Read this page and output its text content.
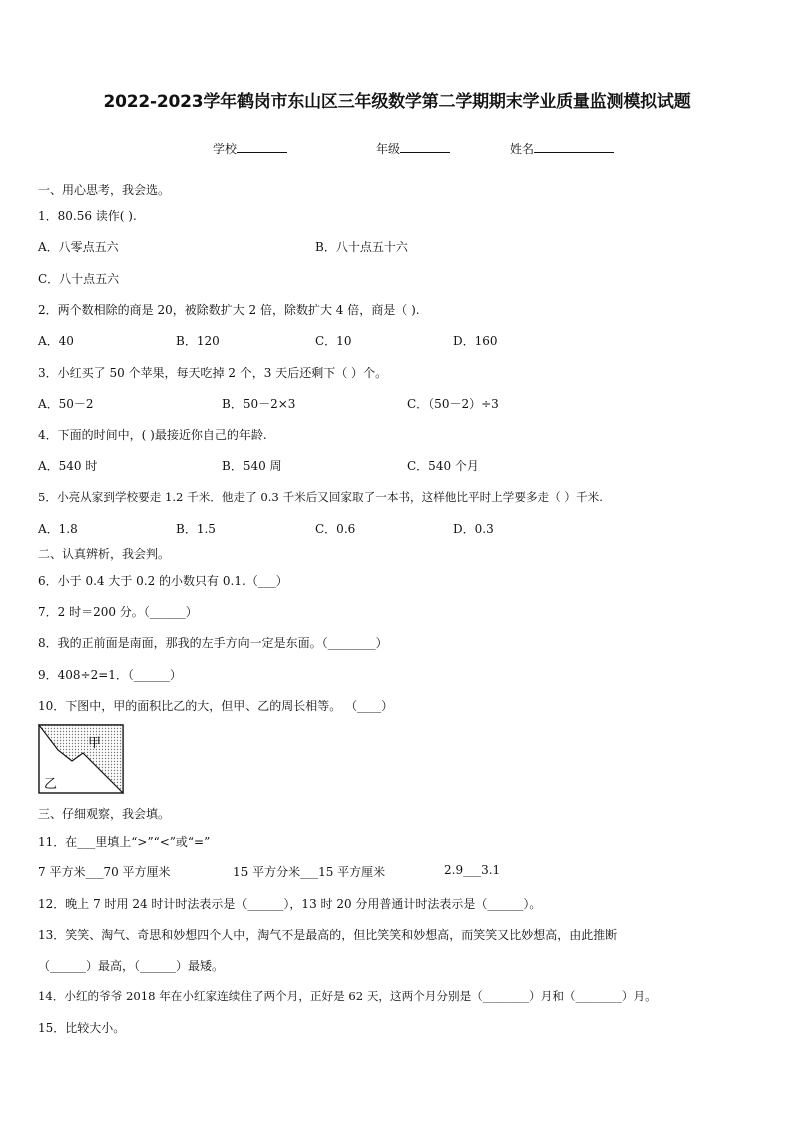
2022-2023学年鹤岗市东山区三年级数学第二学期期末学业质量监测模拟试题
学校	年级	姓名
一、用心思考，我会选。
1．80.56 读作( ).
A．八零点五六	B．八十点五十六
C．八十点五六
2．两个数相除的商是 20，被除数扩大 2 倍，除数扩大 4 倍，商是（ ).
A．40	B．120	C．10	D．160
3．小红买了 50 个苹果，每天吃掉 2 个，3 天后还剩下（ ）个。
A．50－2	B．50－2×3	C．（50－2）÷3
4．下面的时间中，( )最接近你自己的年龄.
A．540 时	B．540 周	C．540 个月
5．小亮从家到学校要走 1.2 千米．他走了 0.3 千米后又回家取了一本书，这样他比平时上学要多走（ ）千米.
A．1.8	B．1.5	C．0.6	D．0.3
二、认真辨析，我会判。
6．小于 0.4 大于 0.2 的小数只有 0.1.（___）
7．2 时＝200 分。（______）
8．我的正前面是南面，那我的左手方向一定是东面。（________）
9．408÷2=1．（______）
10．下图中，甲的面积比乙的大，但甲、乙的周长相等。 （____）
甲
乙
三、仔细观察，我会填。
11．在___里填上“>”“<”或“=”
7 平方米___70 平方厘米	15 平方分米___15 平方厘米	2.9___3.1
12．晚上 7 时用 24 时计时法表示是（______），13 时 20 分用普通计时法表示是（______）。
13．笑笑、淘气、奇思和妙想四个人中，淘气不是最高的，但比笑笑和妙想高，而笑笑又比妙想高，由此推断
（______）最高，（______）最矮。
14．小红的爷爷 2018 年在小红家连续住了两个月，正好是 62 天，这两个月分别是（________）月和（________）月。
15．比较大小。
